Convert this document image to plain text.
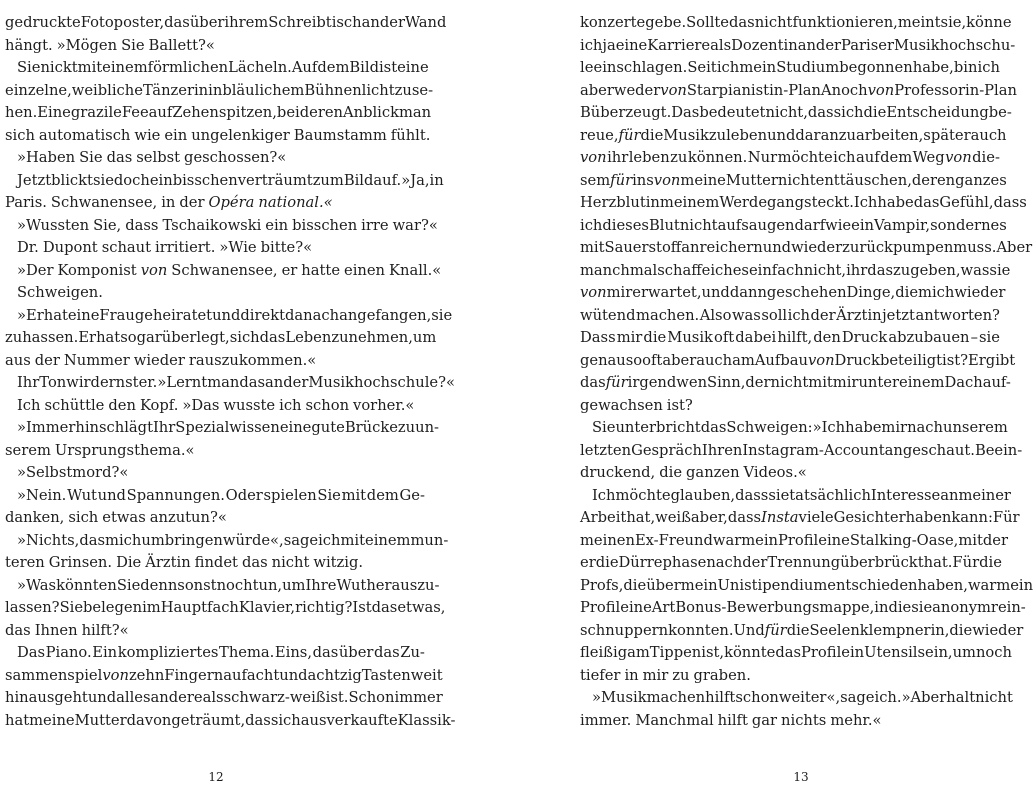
gedruckte Fotoposter, das über ihrem Schreibtisch an der Wand
hängt. »Mögen Sie Ballett?«
Sie nickt mit einem förmlichen Lächeln. Auf dem Bild ist eine
einzelne, weibliche Tänzerin in bläulichem Bühnenlicht zu se-
hen. Eine grazile Fee auf Zehenspitzen, bei deren Anblick man
sich automatisch wie ein ungelenkiger Baumstamm fühlt.
»Haben Sie das selbst geschossen?«
Jetzt blickt sie doch ein bisschen verträumt zum Bild auf. »Ja, in
Paris. Schwanensee, in der Opéra national.«
»Wussten Sie, dass Tschaikowski ein bisschen irre war?«
Dr. Dupont schaut irritiert. »Wie bitte?«
»Der Komponist von Schwanensee, er hatte einen Knall.«
Schweigen.
»Er hat eine Frau geheiratet und direkt danach angefangen, sie
zu hassen. Er hat sogar überlegt, sich das Leben zu nehmen, um
aus der Nummer wieder rauszukommen.«
Ihr Ton wird ernster. »Lernt man das an der Musikhochschule?«
Ich schüttle den Kopf. »Das wusste ich schon vorher.«
»Immerhin schlägt Ihr Spezialwissen eine gute Brücke zu un-
serem Ursprungsthema.«
»Selbstmord?«
»Nein. Wut und Spannungen. Oder spielen Sie mit dem Ge-
danken, sich etwas anzutun?«
»Nichts, das mich umbringen würde«, sage ich mit einem mun-
teren Grinsen. Die Ärztin findet das nicht witzig.
»Was könnten Sie denn sonst noch tun, um Ihre Wut herauszu-
lassen? Sie belegen im Hauptfach Klavier, richtig? Ist das etwas,
das Ihnen hilft?«
Das Piano. Ein kompliziertes Thema. Eins, das über das Zu-
sammenspiel von zehn Fingern auf achtundachtzig Tasten weit
hinausgeht und alles andere als schwarz-weiß ist. Schon immer
hat meine Mutter davon geträumt, dass ich ausverkaufte Klassik-
konzerte gebe. Sollte das nicht funktionieren, meint sie, könne
ich ja eine Karriere als Dozentin an der Pariser Musikhochschu-
le einschlagen. Seit ich mein Studium begonnen habe, bin ich
aber weder von Starpianistin-Plan A noch von Professorin-Plan
B überzeugt. Das bedeutet nicht, dass ich die Entscheidung be-
reue, für die Musik zu leben und daran zu arbeiten, später auch
von ihr leben zu können. Nur möchte ich auf dem Weg von die-
sem für ins von meine Mutter nicht enttäuschen, deren ganzes
Herzblut in meinem Werdegang steckt. Ich habe das Gefühl, dass
ich dieses Blut nicht aufsaugen darf wie ein Vampir, sondern es
mit Sauerstoff anreichern und wieder zurückpumpen muss. Aber
manchmal schaffe ich es einfach nicht, ihr das zu geben, was sie
von mir erwartet, und dann geschehen Dinge, die mich wieder
wütend machen. Also was soll ich der Ärztin jetzt antworten?
Dass mir die Musik oft dabei hilft, den Druck abzubauen – sie
genauso oft aber auch am Aufbau von Druck beteiligt ist? Ergibt
das für irgendwen Sinn, der nicht mit mir unter einem Dach auf-
gewachsen ist?
Sie unterbricht das Schweigen: »Ich habe mir nach unserem
letzten Gespräch Ihren Instagram-Account angeschaut. Beein-
druckend, die ganzen Videos.«
Ich möchte glauben, dass sie tatsächlich Interesse an meiner
Arbeit hat, weiß aber, dass Insta viele Gesichter haben kann: Für
meinen Ex-Freund war mein Profil eine Stalking-Oase, mit der
er die Dürrephase nach der Trennung überbrückt hat. Für die
Profs, die über mein Unistipendium entschieden haben, war mein
Profil eine Art Bonus-Bewerbungsmappe, in die sie anonym rein-
schnuppern konnten. Und für die Seelenklempnerin, die wieder
fleißig am Tippen ist, könnte das Profil ein Utensil sein, um noch
tiefer in mir zu graben.
»Musikmachen hilft schon weiter«, sage ich. »Aber halt nicht
immer. Manchmal hilft gar nichts mehr.«
12	13
